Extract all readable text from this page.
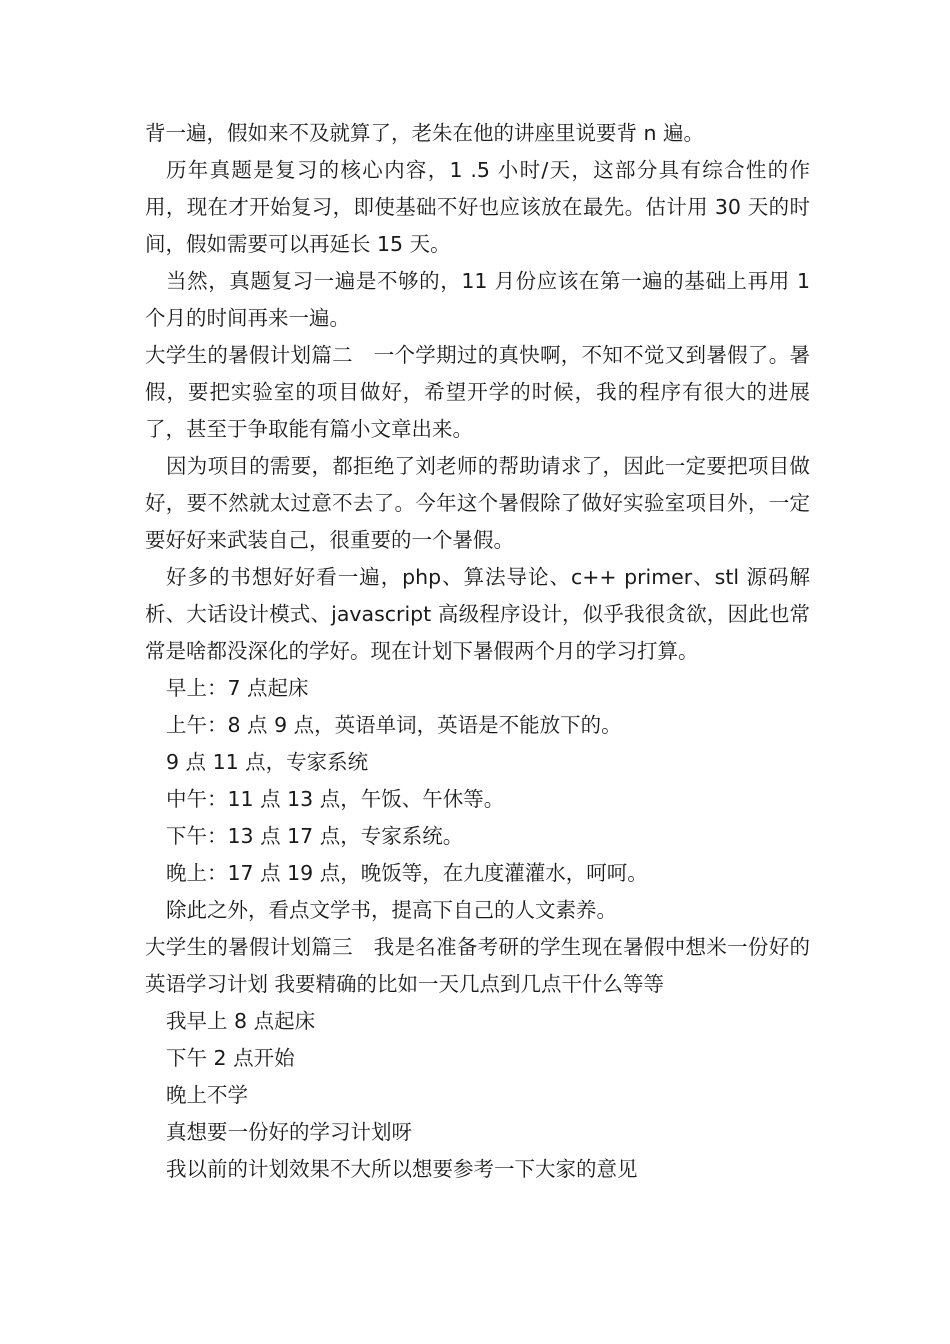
背一遍，假如来不及就算了，老朱在他的讲座里说要背 n 遍。

历年真题是复习的核心内容，1 .5 小时/天，这部分具有综合性的作用，现在才开始复习，即使基础不好也应该放在最先。估计用 30 天的时间，假如需要可以再延长 15 天。

当然，真题复习一遍是不够的，11 月份应该在第一遍的基础上再用 1 个月的时间再来一遍。

大学生的暑假计划篇二　一个学期过的真快啊，不知不觉又到暑假了。暑假，要把实验室的项目做好，希望开学的时候，我的程序有很大的进展了，甚至于争取能有篇小文章出来。

因为项目的需要，都拒绝了刘老师的帮助请求了，因此一定要把项目做好，要不然就太过意不去了。今年这个暑假除了做好实验室项目外，一定要好好来武装自己，很重要的一个暑假。

好多的书想好好看一遍，php、算法导论、c++ primer、stl 源码解析、大话设计模式、javascript 高级程序设计，似乎我很贪欲，因此也常常是啥都没深化的学好。现在计划下暑假两个月的学习打算。

早上：7 点起床

上午：8 点 9 点，英语单词，英语是不能放下的。

9 点 11 点，专家系统

中午：11 点 13 点，午饭、午休等。

下午：13 点 17 点，专家系统。

晚上：17 点 19 点，晚饭等，在九度灌灌水，呵呵。

除此之外，看点文学书，提高下自己的人文素养。

大学生的暑假计划篇三　我是名准备考研的学生现在暑假中想米一份好的英语学习计划 我要精确的比如一天几点到几点干什么等等

我早上 8 点起床

下午 2 点开始

晚上不学

真想要一份好的学习计划呀

我以前的计划效果不大所以想要参考一下大家的意见
